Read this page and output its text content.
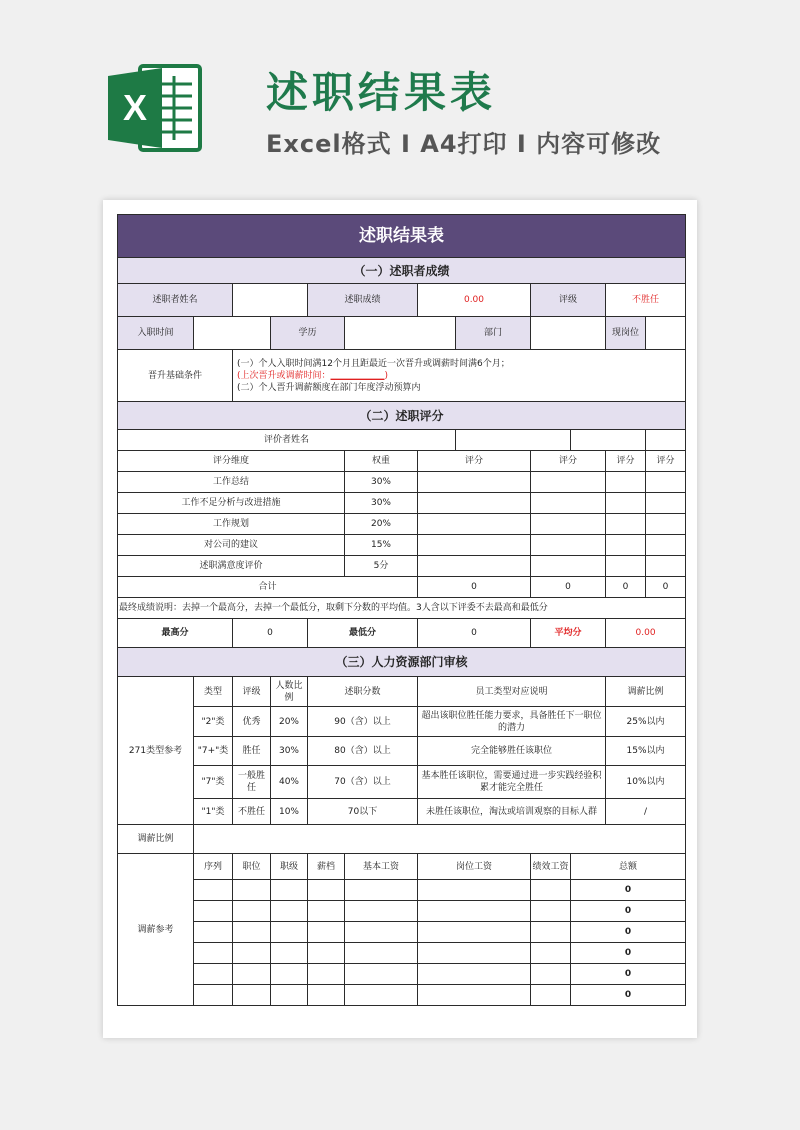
X	述职结果表
Excel格式 I A4打印 I 内容可修改
述职结果表											
（一）述职者成绩											
述职者姓名				述职成绩		0.00		评级		不胜任	
入职时间			学历				部门			现岗位	
晋升基础条件		(一）个人入职时间满12个月且距最近一次晋升或调薪时间满6个月；
(上次晋升或调薪时间：＿＿＿＿＿＿)
(二）个人晋升调薪额度在部门年度浮动预算内									

（二）述职评分											
评价者姓名											
评分维度					权重	评分		评分		评分	评分
工作总结					30%						
工作不足分析与改进措施					30%						
工作规划					20%						
对公司的建议					15%						
述职满意度评价					5分						
合计						0		0		0	0
最终成绩说明：去掉一个最高分，去掉一个最低分，取剩下分数的平均值。3人含以下评委不去最高和最低分											
最高分		0		最低分		0		平均分		0.00	
（三）人力资源部门审核											
271类型参考	类型	评级	人数比例	述职分数		员工类型对应说明				调薪比例	
	"2"类	优秀	20%	90（含）以上		超出该职位胜任能力要求，具备胜任下一职位的潜力				25%以内	
	"7+"类	胜任	30%	80（含）以上		完全能够胜任该职位				15%以内	
	"7"类	一般胜任	40%	70（含）以上		基本胜任该职位，需要通过进一步实践经验积累才能完全胜任				10%以内	
	"1"类	不胜任	10%	70以下		未胜任该职位，淘汰或培训观察的目标人群				/	
调薪比例											
调薪参考	序列	职位	职级	薪档	基本工资	岗位工资		绩效工资	总额		
									0		
									0		
									0		
									0		
									0		
									0		
